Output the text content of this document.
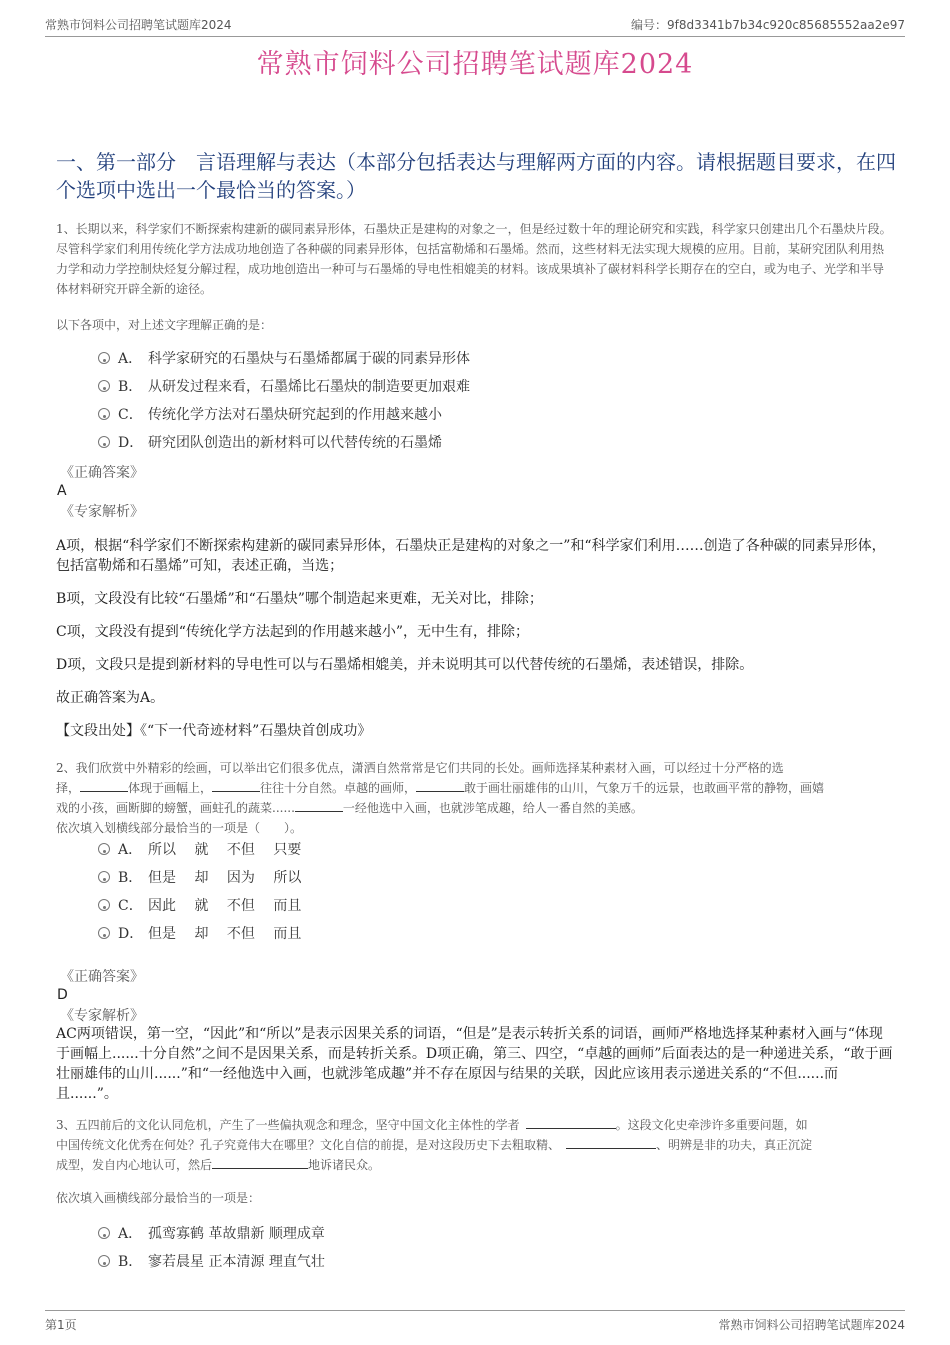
常熟市饲料公司招聘笔试题库2024	编号：9f8d3341b7b34c920c85685552aa2e97
常熟市饲料公司招聘笔试题库2024
一、第一部分　言语理解与表达（本部分包括表达与理解两方面的内容。请根据题目要求，在四个选项中选出一个最恰当的答案。）
1、长期以来，科学家们不断探索构建新的碳同素异形体，石墨炔正是建构的对象之一，但是经过数十年的理论研究和实践，科学家只创建出几个石墨炔片段。尽管科学家们利用传统化学方法成功地创造了各种碳的同素异形体，包括富勒烯和石墨烯。然而，这些材料无法实现大规模的应用。目前，某研究团队利用热力学和动力学控制炔烃复分解过程，成功地创造出一种可与石墨烯的导电性相媲美的材料。该成果填补了碳材料科学长期存在的空白，或为电子、光学和半导体材料研究开辟全新的途径。
以下各项中，对上述文字理解正确的是：
A． 科学家研究的石墨炔与石墨烯都属于碳的同素异形体
B． 从研发过程来看，石墨烯比石墨炔的制造要更加艰难
C． 传统化学方法对石墨炔研究起到的作用越来越小
D． 研究团队创造出的新材料可以代替传统的石墨烯
《正确答案》
A
《专家解析》
A项，根据“科学家们不断探索构建新的碳同素异形体，石墨炔正是建构的对象之一”和“科学家们利用……创造了各种碳的同素异形体，包括富勒烯和石墨烯”可知，表述正确，当选；
B项，文段没有比较“石墨烯”和“石墨炔”哪个制造起来更难，无关对比，排除；
C项，文段没有提到“传统化学方法起到的作用越来越小”，无中生有，排除；
D项，文段只是提到新材料的导电性可以与石墨烯相媲美，并未说明其可以代替传统的石墨烯，表述错误，排除。
故正确答案为A。
【文段出处】《“下一代奇迹材料”石墨炔首创成功》
2、我们欣赏中外精彩的绘画，可以举出它们很多优点，潇洒自然常常是它们共同的长处。画师选择某种素材入画，可以经过十分严格的选
择，	体现于画幅上，	往往十分自然。卓越的画师，	敢于画壮丽雄伟的山川，气象万千的远景，也敢画平常的静物，画嬉
戏的小孩，画断脚的螃蟹，画蛀孔的蔬菜......	一经他选中入画，也就涉笔成趣，给人一番自然的美感。
依次填入划横线部分最恰当的一项是（　　）。
A． 所以　 就　 不但　 只要
B． 但是　 却　 因为　 所以
C． 因此　 就　 不但　 而且
D． 但是　 却　 不但　 而且
《正确答案》
D
《专家解析》
AC两项错误，第一空，“因此”和“所以”是表示因果关系的词语，“但是”是表示转折关系的词语，画师严格地选择某种素材入画与“体现于画幅上......十分自然”之间不是因果关系，而是转折关系。D项正确，第三、四空，“卓越的画师”后面表达的是一种递进关系，“敢于画壮丽雄伟的山川......”和“一经他选中入画，也就涉笔成趣”并不存在原因与结果的关联，因此应该用表示递进关系的“不但......而且......”。
3、五四前后的文化认同危机，产生了一些偏执观念和理念，坚守中国文化主体性的学者	。这段文化史牵涉许多重要问题，如
中国传统文化优秀在何处？孔子究竟伟大在哪里？文化自信的前提，是对这段历史下去粗取精、	、明辨是非的功夫，真正沉淀
成型，发自内心地认可，然后	地诉诸民众。
依次填入画横线部分最恰当的一项是：
A． 孤鸾寡鹤 革故鼎新 顺理成章
B． 寥若晨星 正本清源 理直气壮
第1页	常熟市饲料公司招聘笔试题库2024
